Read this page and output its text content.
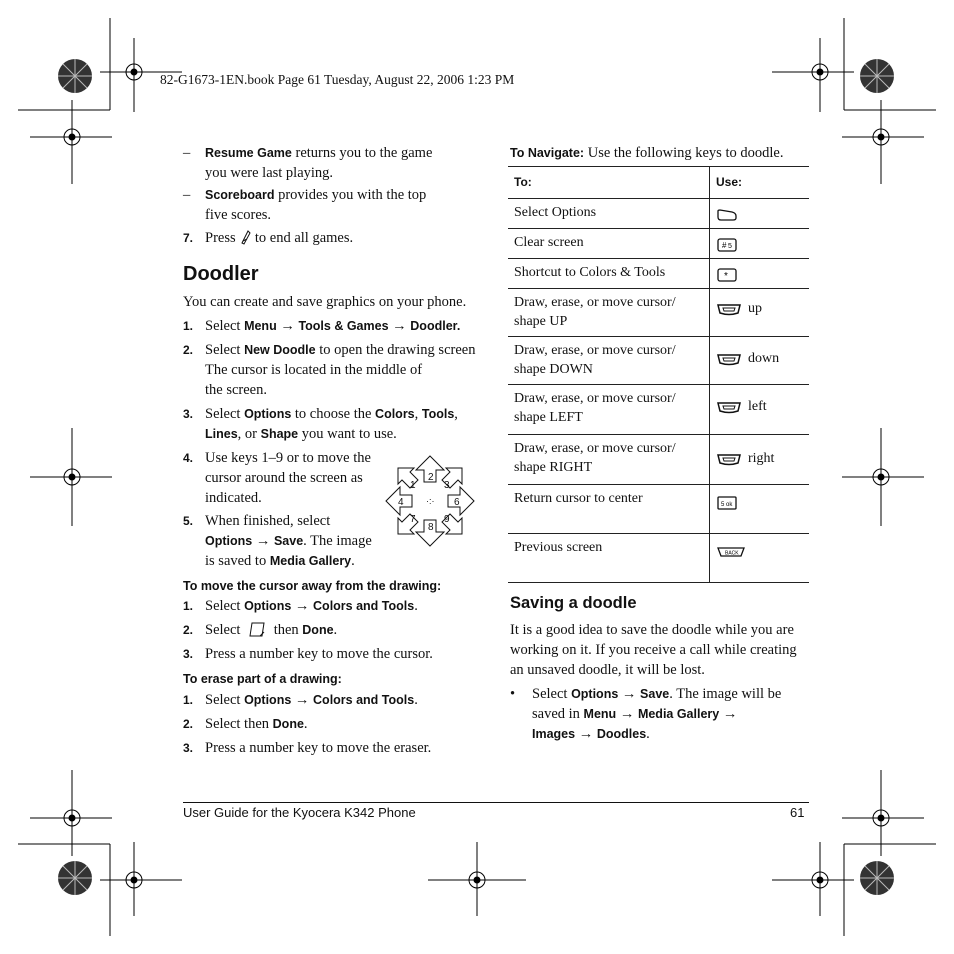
82-G1673-1EN.book Page 61 Tuesday, August 22, 2006 1:23 PM
– Resume Game returns you to the game
you were last playing.
– Scoreboard provides you with the top
five scores.
7. Press  to end all games.
Doodler
You can create and save graphics on your phone.
1. Select Menu → Tools & Games → Doodler.
2. Select New Doodle to open the drawing screen
The cursor is located in the middle of
the screen.
3. Select Options to choose the Colors, Tools,
Lines, or Shape you want to use.
4. Use keys 1–9 or to move the
cursor around the screen as
indicated.
5. When finished, select
Options → Save. The image
is saved to Media Gallery.
To move the cursor away from the drawing:
1. Select Options → Colors and Tools.
2. Select  then Done.
3. Press a number key to move the cursor.
To erase part of a drawing:
1. Select Options → Colors and Tools.
2. Select then Done.
3. Press a number key to move the eraser.
1
2
3
4	6
7
8
9
·:·
To Navigate: Use the following keys to doodle.
To:	Use:
Select Options	
Clear screen	# 5

Shortcut to Colors & Tools	*

Draw, erase, or move cursor/ shape UP	up
Draw, erase, or move cursor/ shape DOWN	down
Draw, erase, or move cursor/ shape LEFT	left
Draw, erase, or move cursor/ shape RIGHT	right
Return cursor to center	5 ok

Previous screen	BACK
Saving a doodle
It is a good idea to save the doodle while you are
working on it. If you receive a call while creating
an unsaved doodle, it will be lost.
• Select Options → Save. The image will be
saved in Menu → Media Gallery →
Images → Doodles.
User Guide for the Kyocera K342 Phone	61
